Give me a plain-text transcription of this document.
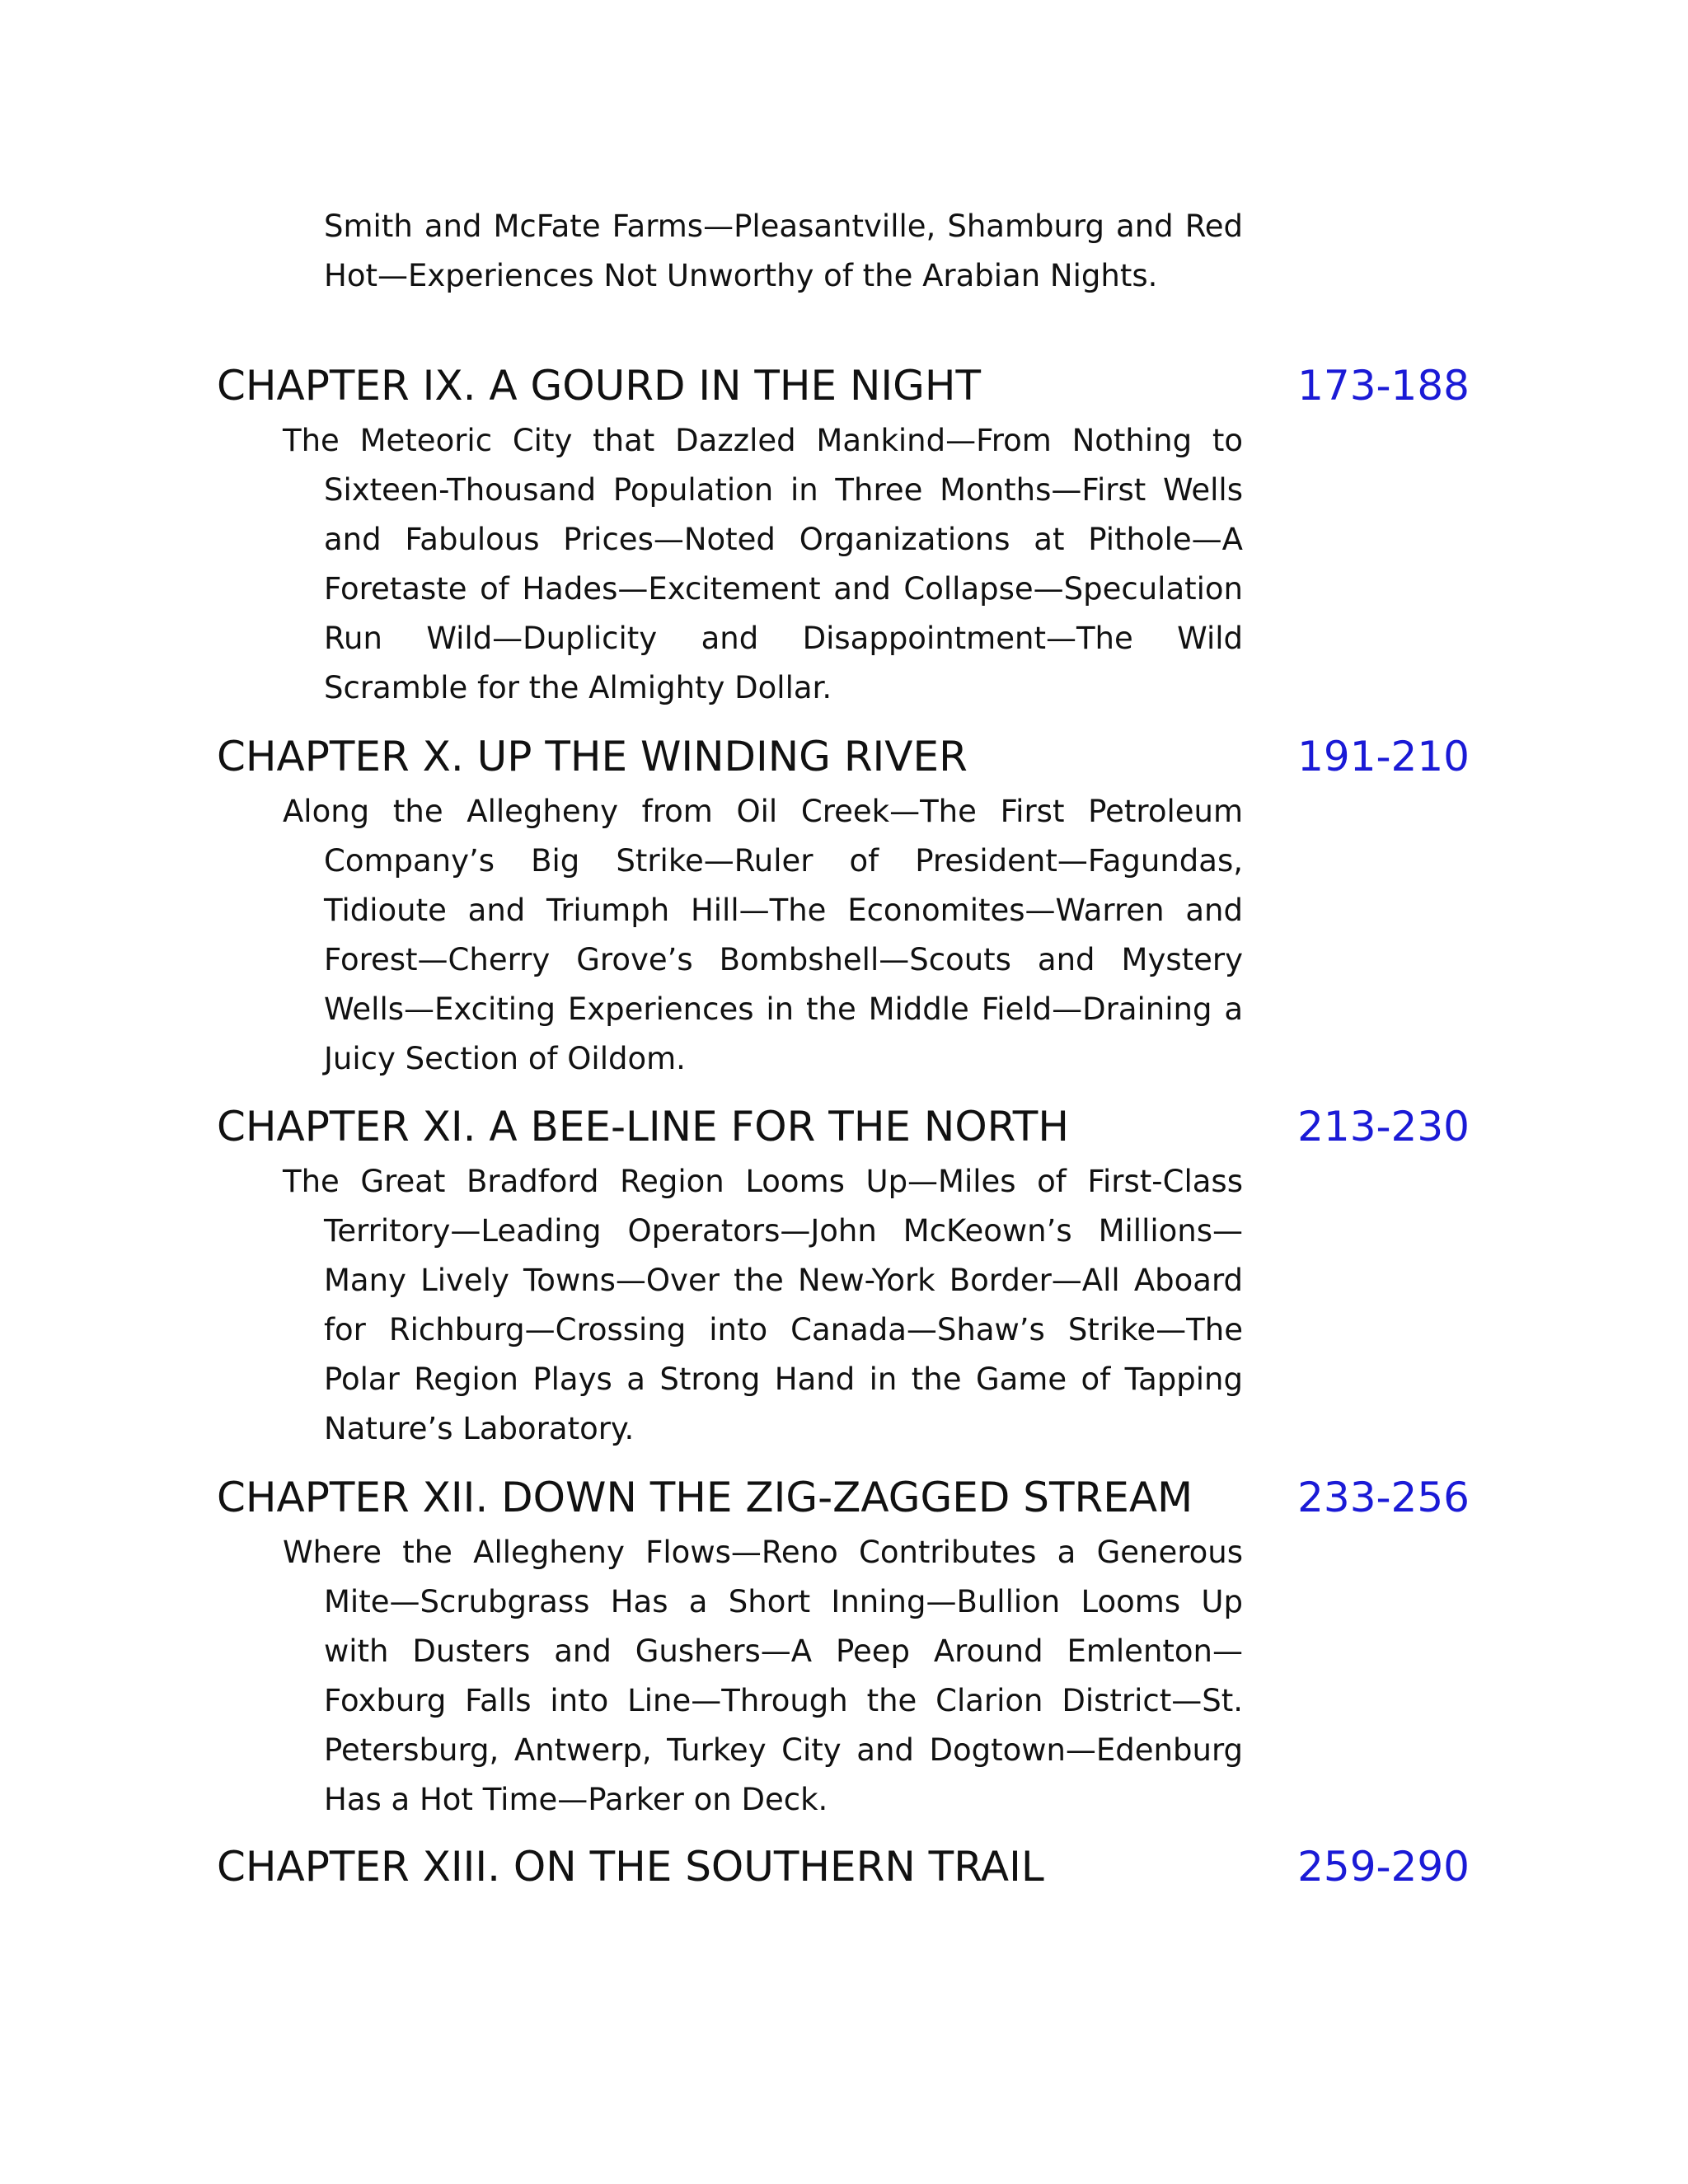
Smith and McFate Farms—Pleasantville, Shamburg and Red Hot—Experiences Not Unworthy of the Arabian Nights.
CHAPTER IX. A GOURD IN THE NIGHT	173-188
The Meteoric City that Dazzled Mankind—From Nothing to Sixteen-Thousand Population in Three Months—First Wells and Fabulous Prices—Noted Organizations at Pithole—A Foretaste of Hades—Excitement and Collapse—Speculation Run Wild—Duplicity and Disappointment—The Wild Scramble for the Almighty Dollar.
CHAPTER X. UP THE WINDING RIVER	191-210
Along the Allegheny from Oil Creek—The First Petroleum Company’s Big Strike—Ruler of President—Fagundas, Tidioute and Triumph Hill—The Economites—Warren and Forest—Cherry Grove’s Bombshell—Scouts and Mystery Wells—Exciting Experiences in the Middle Field—Draining a Juicy Section of Oildom.
CHAPTER XI. A BEE-LINE FOR THE NORTH	213-230
The Great Bradford Region Looms Up—Miles of First-Class Territory—Leading Operators—John McKeown’s Millions—Many Lively Towns—Over the New-York Border—All Aboard for Richburg—Crossing into Canada—Shaw’s Strike—The Polar Region Plays a Strong Hand in the Game of Tapping Nature’s Laboratory.
CHAPTER XII. DOWN THE ZIG-ZAGGED STREAM	233-256
Where the Allegheny Flows—Reno Contributes a Generous Mite—Scrubgrass Has a Short Inning—Bullion Looms Up with Dusters and Gushers—A Peep Around Emlenton—Foxburg Falls into Line—Through the Clarion District—St. Petersburg, Antwerp, Turkey City and Dogtown—Edenburg Has a Hot Time—Parker on Deck.
CHAPTER XIII. ON THE SOUTHERN TRAIL	259-290
